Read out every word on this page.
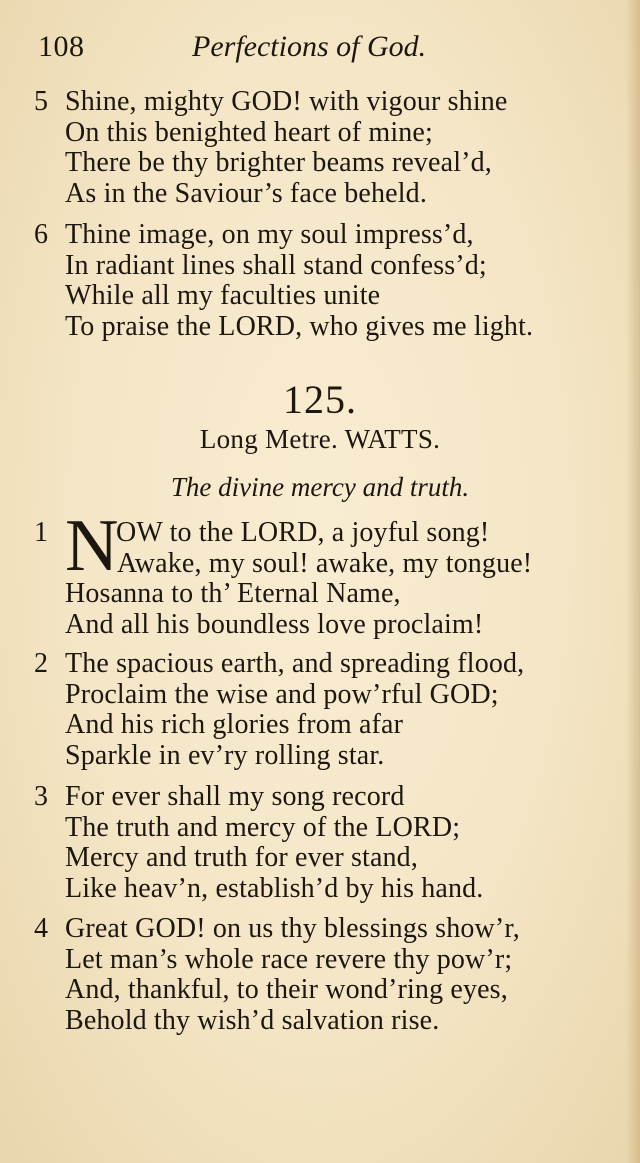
108	Perfections of God.
5 Shine, mighty GOD! with vigour shine
On this benighted heart of mine;
There be thy brighter beams reveal’d,
As in the Saviour’s face beheld.
6 Thine image, on my soul impress’d,
In radiant lines shall stand confess’d;
While all my faculties unite
To praise the LORD, who gives me light.
125.
Long Metre. WATTS.
The divine mercy and truth.
1 N
OW to the LORD, a joyful song!
Awake, my soul! awake, my tongue!
Hosanna to th’ Eternal Name,
And all his boundless love proclaim!
2 The spacious earth, and spreading flood,
Proclaim the wise and pow’rful GOD;
And his rich glories from afar
Sparkle in ev’ry rolling star.
3 For ever shall my song record
The truth and mercy of the LORD;
Mercy and truth for ever stand,
Like heav’n, establish’d by his hand.
4 Great GOD! on us thy blessings show’r,
Let man’s whole race revere thy pow’r;
And, thankful, to their wond’ring eyes,
Behold thy wish’d salvation rise.
